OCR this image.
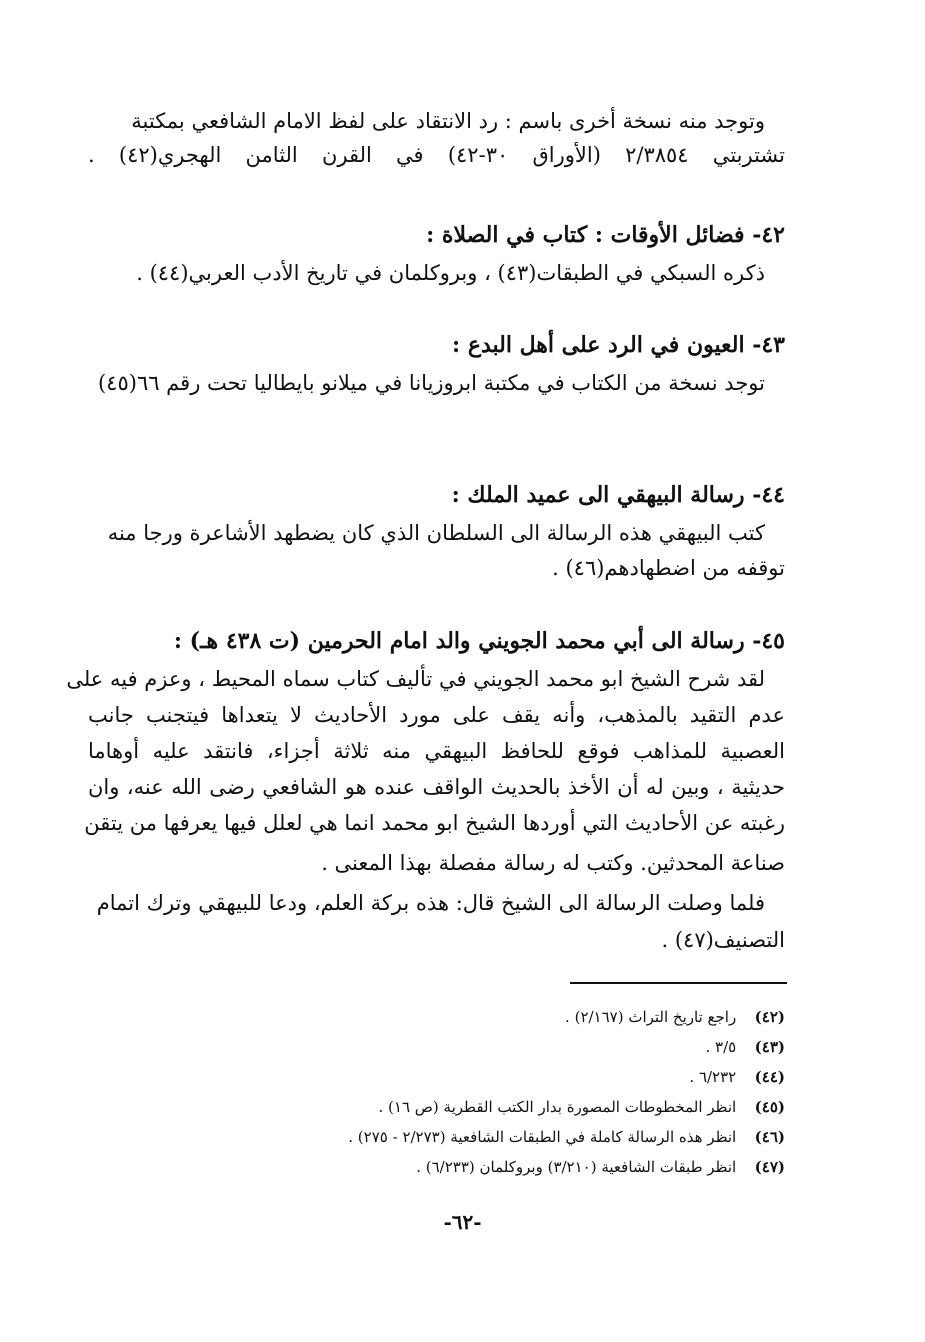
وتوجد منه نسخة أخرى باسم : رد الانتقاد على لفظ الامام الشافعي بمكتبة
تشتربتي ٢/٣٨٥٤ (الأوراق ٣٠-٤٢) في القرن الثامن الهجري(٤٢) .
٤٢- فضائل الأوقات : كتاب في الصلاة :
ذكره السبكي في الطبقات(٤٣) ، وبروكلمان في تاريخ الأدب العربي(٤٤) .
٤٣- العيون في الرد على أهل البدع :
توجد نسخة من الكتاب في مكتبة ابروزيانا في ميلانو بايطاليا تحت رقم ٦٦(٤٥)
٤٤- رسالة البيهقي الى عميد الملك :
كتب البيهقي هذه الرسالة الى السلطان الذي كان يضطهد الأشاعرة ورجا منه
توقفه من اضطهادهم(٤٦) .
٤٥- رسالة الى أبي محمد الجويني والد امام الحرمين (ت ٤٣٨ هـ) :
لقد شرح الشيخ ابو محمد الجويني في تأليف كتاب سماه المحيط ، وعزم فيه على
عدم التقيد بالمذهب، وأنه يقف على مورد الأحاديث لا يتعداها فيتجنب جانب
العصبية للمذاهب فوقع للحافظ البيهقي منه ثلاثة أجزاء، فانتقد عليه أوهاما
حديثية ، وبين له أن الأخذ بالحديث الواقف عنده هو الشافعي رضى الله عنه، وان
رغبته عن الأحاديث التي أوردها الشيخ ابو محمد انما هي لعلل فيها يعرفها من يتقن
صناعة المحدثين. وكتب له رسالة مفصلة بهذا المعنى .
فلما وصلت الرسالة الى الشيخ قال: هذه بركة العلم، ودعا للبيهقي وترك اتمام
التصنيف(٤٧) .
(٤٢) راجع تاريخ التراث (٢/١٦٧) .
(٤٣) ٣/٥ .
(٤٤) ٦/٢٣٢ .
(٤٥) انظر المخطوطات المصورة بدار الكتب القطرية (ص ١٦) .
(٤٦) انظر هذه الرسالة كاملة في الطبقات الشافعية (٢/٢٧٣ - ٢٧٥) .
(٤٧) انظر طبقات الشافعية (٣/٢١٠) وبروكلمان (٦/٢٣٣) .
-٦٢-
